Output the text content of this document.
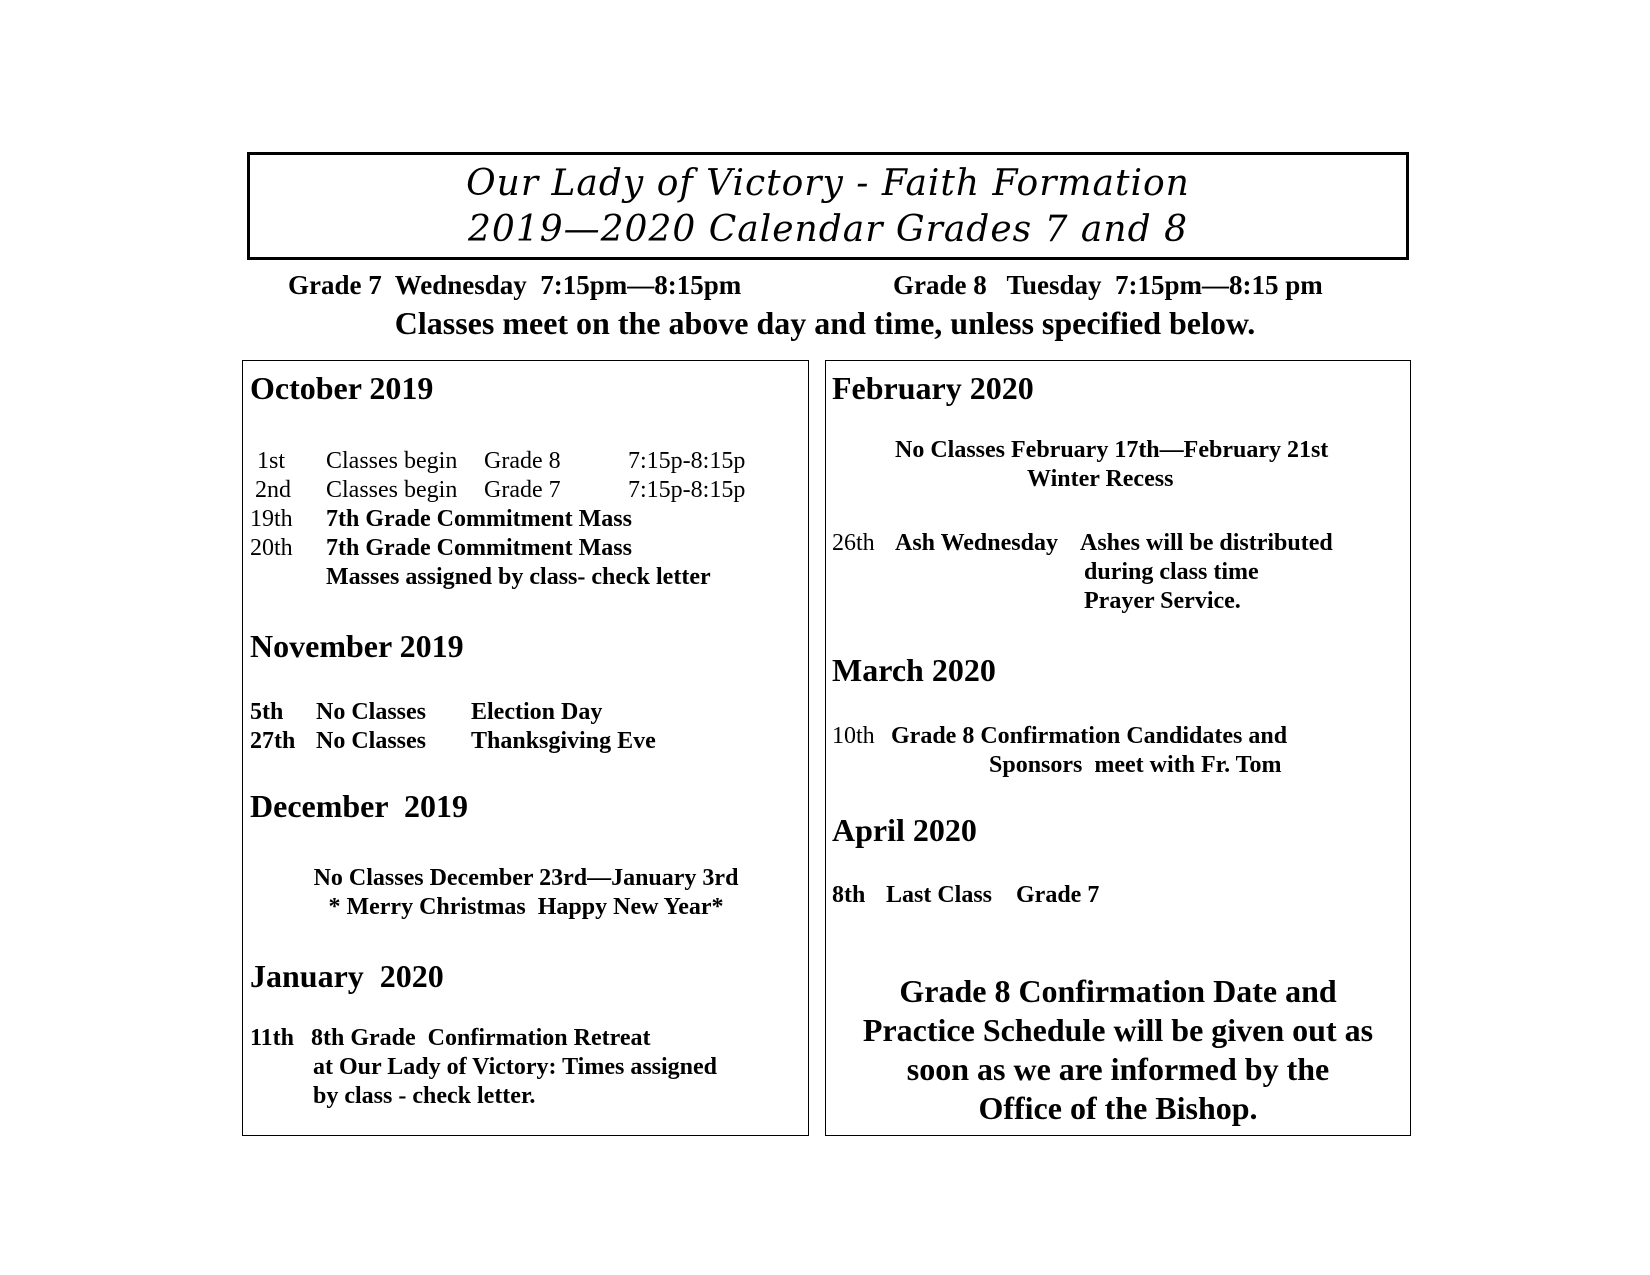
Our Lady of Victory - Faith Formation
2019—2020 Calendar Grades 7 and 8
Grade 7  Wednesday  7:15pm—8:15pm	Grade 8   Tuesday  7:15pm—8:15 pm
Classes meet on the above day and time, unless specified below.
October 2019
1st Classes begin Grade 8	7:15p-8:15p
2nd Classes begin Grade 7	7:15p-8:15p
19th 7th Grade Commitment Mass
20th 7th Grade Commitment Mass
Masses assigned by class- check letter
November 2019
5th No Classes Election Day
27th No Classes Thanksgiving Eve
December  2019
No Classes December 23rd—January 3rd
* Merry Christmas  Happy New Year*
January  2020
11th 8th Grade  Confirmation Retreat
at Our Lady of Victory: Times assigned
by class - check letter.
February 2020
No Classes February 17th—February 21st
Winter Recess
26th Ash Wednesday Ashes will be distributed
during class time
Prayer Service.
March 2020
10th Grade 8 Confirmation Candidates and
Sponsors  meet with Fr. Tom
April 2020
8th Last Class Grade 7
Grade 8 Confirmation Date and
Practice Schedule will be given out as
soon as we are informed by the
Office of the Bishop.
